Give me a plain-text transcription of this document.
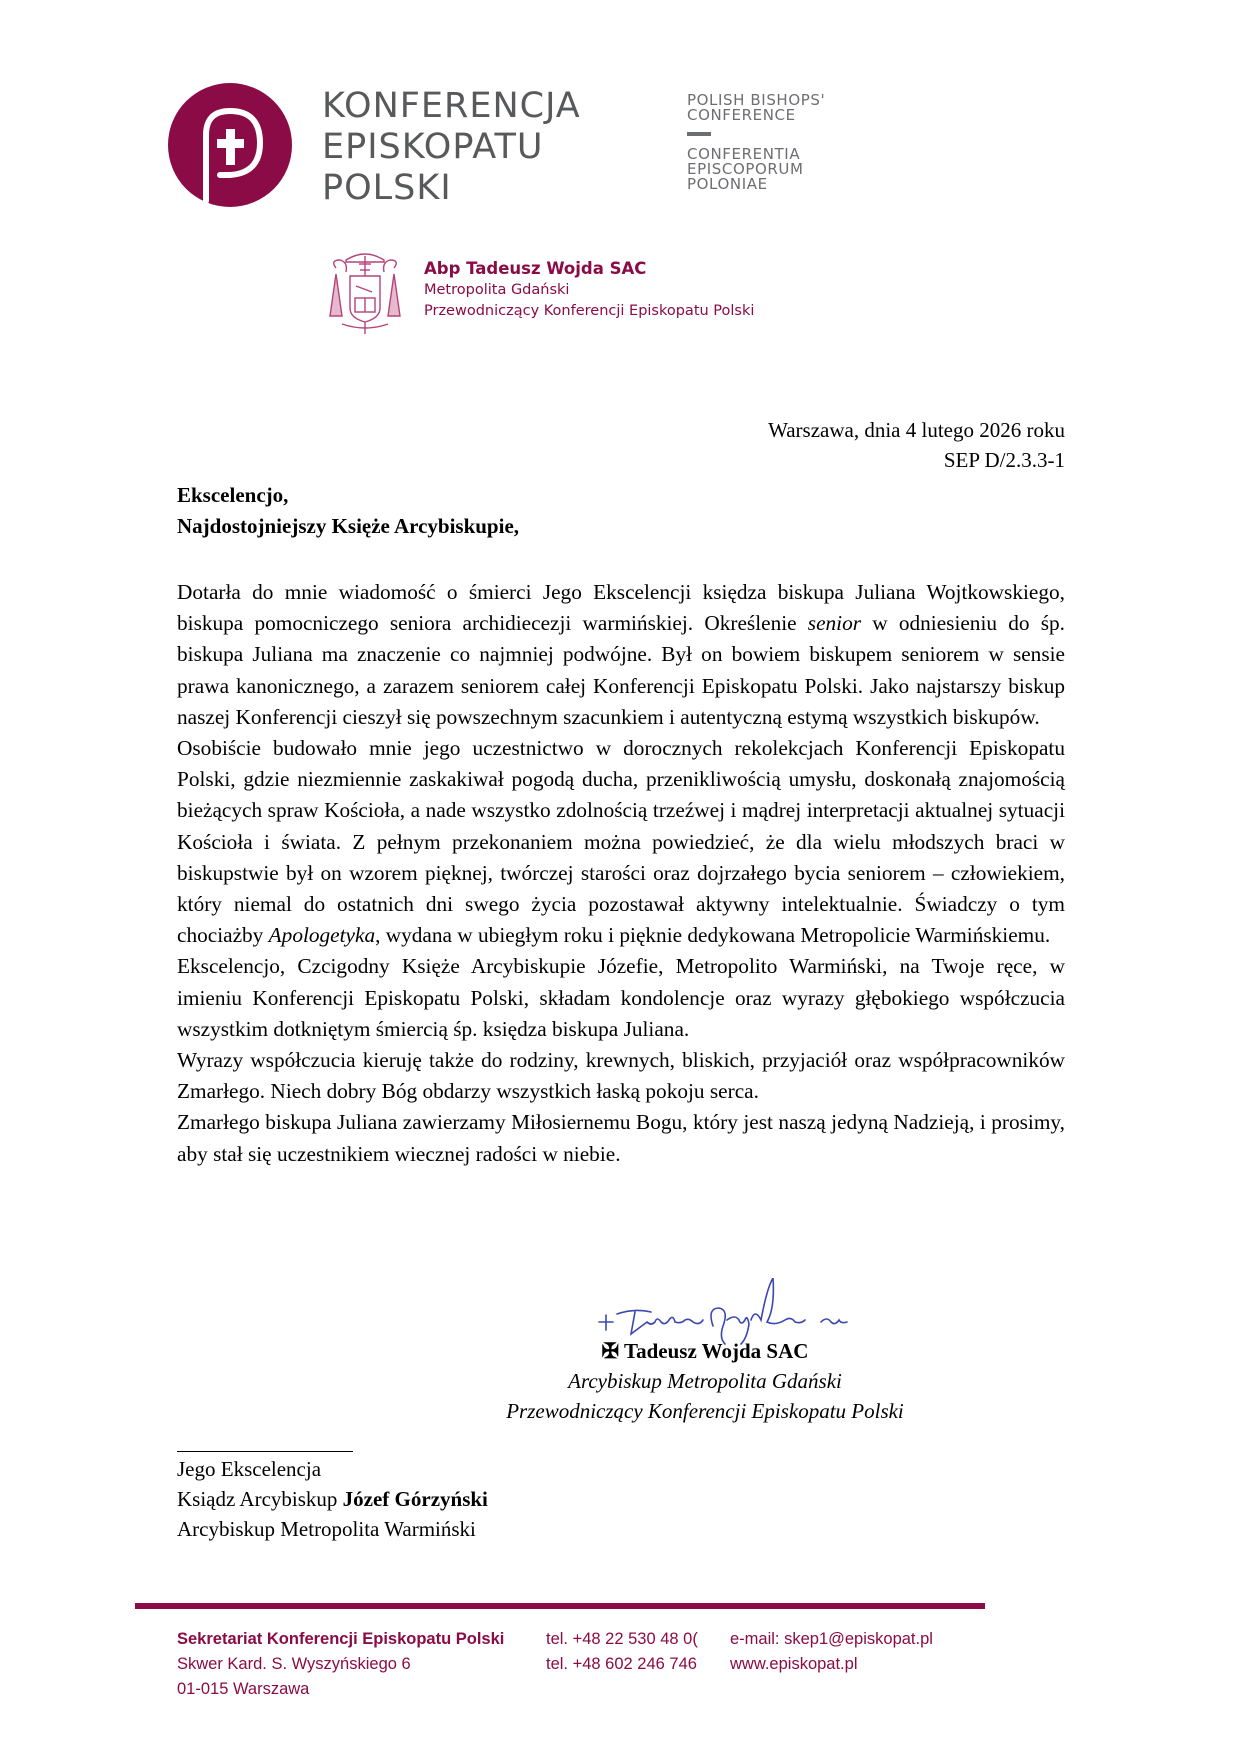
KONFERENCJA
EPISKOPATU
POLSKI
POLISH BISHOPS'
CONFERENCE
CONFERENTIA
EPISCOPORUM
POLONIAE
Abp Tadeusz Wojda SAC
Metropolita Gdański
Przewodniczący Konferencji Episkopatu Polski
Warszawa, dnia 4 lutego 2026 roku
SEP D/2.3.3-1
Ekscelencjo,
Najdostojniejszy Księże Arcybiskupie,

Dotarła do mnie wiadomość o śmierci Jego Ekscelencji księdza biskupa Juliana Wojtkowskiego, biskupa pomocniczego seniora archidiecezji warmińskiej. Określenie senior w odniesieniu do śp. biskupa Juliana ma znaczenie co najmniej podwójne. Był on bowiem biskupem seniorem w sensie prawa kanonicznego, a zarazem seniorem całej Konferencji Episkopatu Polski. Jako najstarszy biskup naszej Konferencji cieszył się powszechnym szacunkiem i autentyczną estymą wszystkich biskupów.

Osobiście budowało mnie jego uczestnictwo w dorocznych rekolekcjach Konferencji Episkopatu Polski, gdzie niezmiennie zaskakiwał pogodą ducha, przenikliwością umysłu, doskonałą znajomością bieżących spraw Kościoła, a nade wszystko zdolnością trzeźwej i mądrej interpretacji aktualnej sytuacji Kościoła i świata. Z pełnym przekonaniem można powiedzieć, że dla wielu młodszych braci w biskupstwie był on wzorem pięknej, twórczej starości oraz dojrzałego bycia seniorem – człowiekiem, który niemal do ostatnich dni swego życia pozostawał aktywny intelektualnie. Świadczy o tym chociażby Apologetyka, wydana w ubiegłym roku i pięknie dedykowana Metropolicie Warmińskiemu.

Ekscelencjo, Czcigodny Księże Arcybiskupie Józefie, Metropolito Warmiński, na Twoje ręce, w imieniu Konferencji Episkopatu Polski, składam kondolencje oraz wyrazy głębokiego współczucia wszystkim dotkniętym śmiercią śp. księdza biskupa Juliana.

Wyrazy współczucia kieruję także do rodziny, krewnych, bliskich, przyjaciół oraz współpracowników Zmarłego. Niech dobry Bóg obdarzy wszystkich łaską pokoju serca.

Zmarłego biskupa Juliana zawierzamy Miłosiernemu Bogu, który jest naszą jedyną Nadzieją, i prosimy, aby stał się uczestnikiem wiecznej radości w niebie.

✠ Tadeusz Wojda SAC
Arcybiskup Metropolita Gdański
Przewodniczący Konferencji Episkopatu Polski
Jego Ekscelencja
Ksiądz Arcybiskup Józef Górzyński
Arcybiskup Metropolita Warmiński
Sekretariat Konferencji Episkopatu Polski
Skwer Kard. S. Wyszyńskiego 6
01-015 Warszawa
tel. +48 22 530 48 0(
tel. +48 602 246 746
e-mail: skep1@episkopat.pl
www.episkopat.pl
